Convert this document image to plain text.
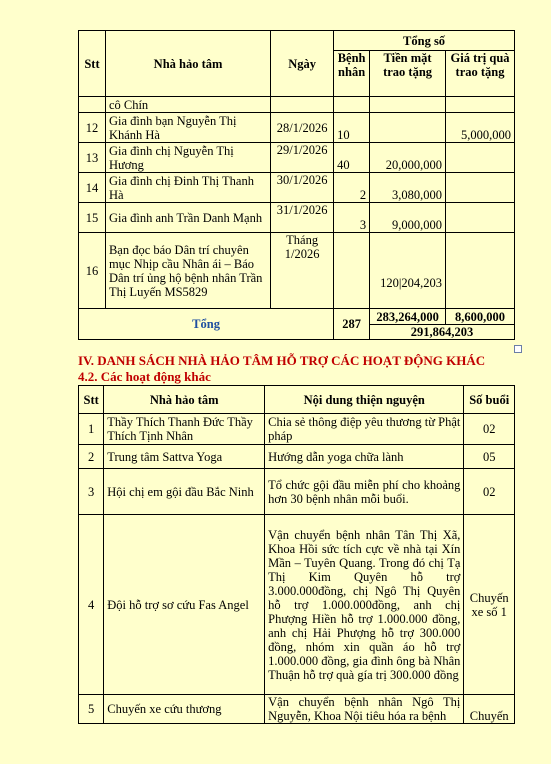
Stt	Nhà hảo tâm	Ngày	Tổng số		
			Bệnh nhân	Tiền mặt trao tặng	Giá trị quà trao tặng
	cô Chín				
12	Gia đình bạn Nguyễn Thị Khánh Hà	28/1/2026	10		5,000,000
13	Gia đình chị Nguyễn Thị Hương	29/1/2026	40	20,000,000	
14	Gia đình chị Đinh Thị Thanh Hà	30/1/2026	2	3,080,000	
15	Gia đình anh Trần Danh Mạnh	31/1/2026	3	9,000,000	
16	Bạn đọc báo Dân trí chuyên mục Nhịp cầu Nhân ái – Báo Dân trí ủng hộ bệnh nhân Trần Thị Luyến MS5829	Tháng 1/2026		120|204,203	
Tổng			287	283,264,000	8,600,000
				291,864,203	
IV. DANH SÁCH NHÀ HẢO TÂM HỖ TRỢ CÁC HOẠT ĐỘNG KHÁC
4.2. Các hoạt động khác
Stt	Nhà hảo tâm	Nội dung thiện nguyện	Số buổi
1	Thầy Thích Thanh Đức Thầy Thích Tịnh Nhân	Chia sẻ thông điệp yêu thương từ Phật pháp	02
2	Trung tâm Sattva Yoga	Hướng dẫn yoga chữa lành	05
3	Hội chị em gội đầu Bắc Ninh	Tổ chức gội đầu miễn phí cho khoảng hơn 30 bệnh nhân mỗi buổi.	02
4	Đội hỗ trợ sơ cứu Fas Angel	Vận chuyển bệnh nhân Tân Thị Xã, Khoa Hồi sức tích cực về nhà tại Xín Mần – Tuyên Quang. Trong đó chị Tạ Thị Kim Quyên hỗ trợ 3.000.000đồng, chị Ngô Thị Quyên hỗ trợ 1.000.000đồng, anh chị Phượng Hiền hỗ trợ 1.000.000 đồng, anh chị Hải Phượng hỗ trợ 300.000 đồng, nhóm xin quần áo hỗ trợ 1.000.000 đồng, gia đình ông bà Nhân Thuận hỗ trợ quà gía trị 300.000 đồng	Chuyến xe số 1
5	Chuyến xe cứu thương	Vận chuyển bệnh nhân Ngô Thị Nguyễn, Khoa Nội tiêu hóa ra bệnh	Chuyến
